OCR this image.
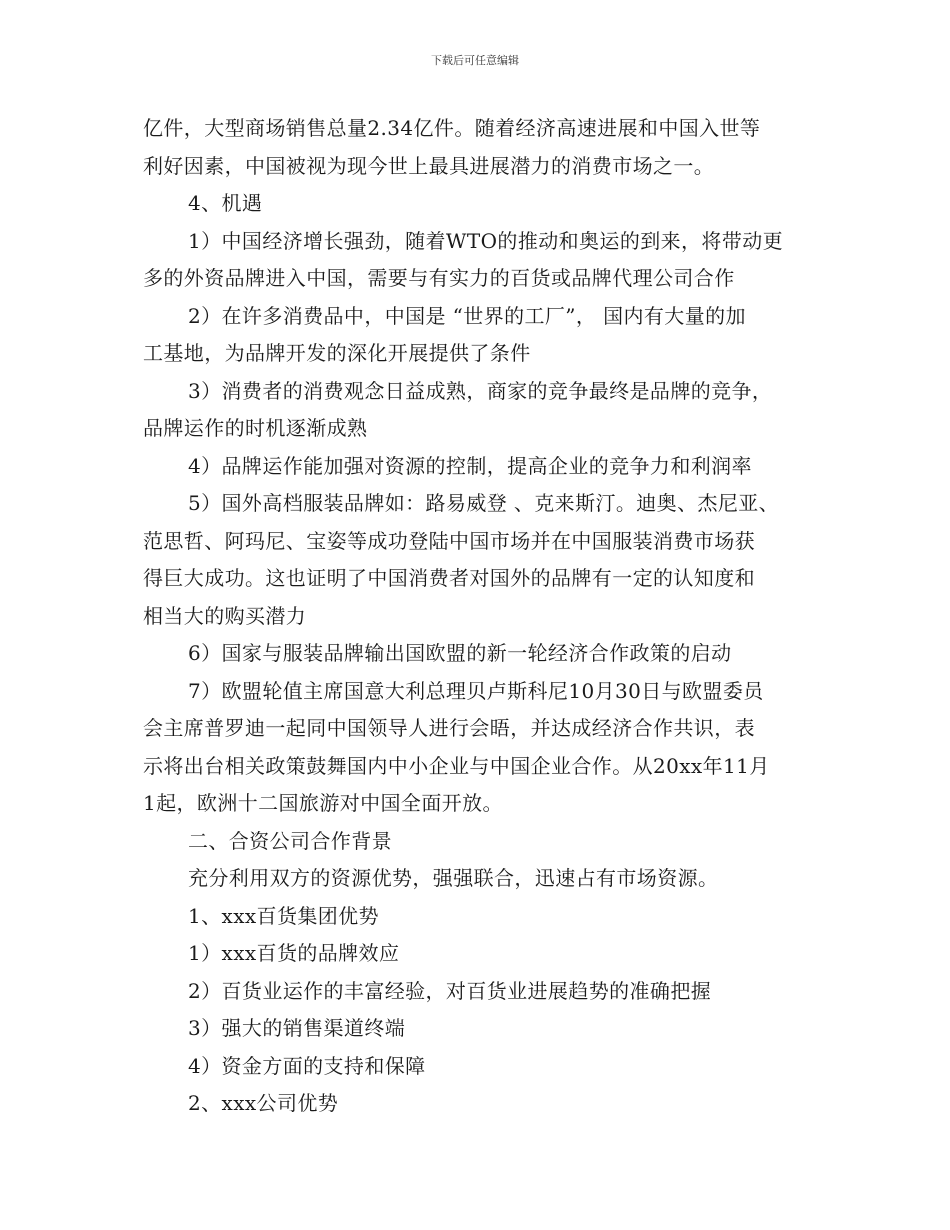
下载后可任意编辑
亿件，大型商场销售总量2.34亿件。随着经济高速进展和中国入世等
利好因素，中国被视为现今世上最具进展潜力的消费市场之一。
4、机遇
1）中国经济增长强劲，随着WTO的推动和奥运的到来，将带动更
多的外资品牌进入中国，需要与有实力的百货或品牌代理公司合作
2）在许多消费品中，中国是 “世界的工厂”， 国内有大量的加
工基地，为品牌开发的深化开展提供了条件
3）消费者的消费观念日益成熟，商家的竞争最终是品牌的竞争，
品牌运作的时机逐渐成熟
4）品牌运作能加强对资源的控制，提高企业的竞争力和利润率
5）国外高档服装品牌如：路易威登 、克来斯汀。迪奥、杰尼亚、
范思哲、阿玛尼、宝姿等成功登陆中国市场并在中国服装消费市场获
得巨大成功。这也证明了中国消费者对国外的品牌有一定的认知度和
相当大的购买潜力
6）国家与服装品牌输出国欧盟的新一轮经济合作政策的启动
7）欧盟轮值主席国意大利总理贝卢斯科尼10月30日与欧盟委员
会主席普罗迪一起同中国领导人进行会晤，并达成经济合作共识，表
示将出台相关政策鼓舞国内中小企业与中国企业合作。从20xx年11月
1起，欧洲十二国旅游对中国全面开放。
二、合资公司合作背景
充分利用双方的资源优势，强强联合，迅速占有市场资源。
1、xxx百货集团优势
1）xxx百货的品牌效应
2）百货业运作的丰富经验，对百货业进展趋势的准确把握
3）强大的销售渠道终端
4）资金方面的支持和保障
2、xxx公司优势
